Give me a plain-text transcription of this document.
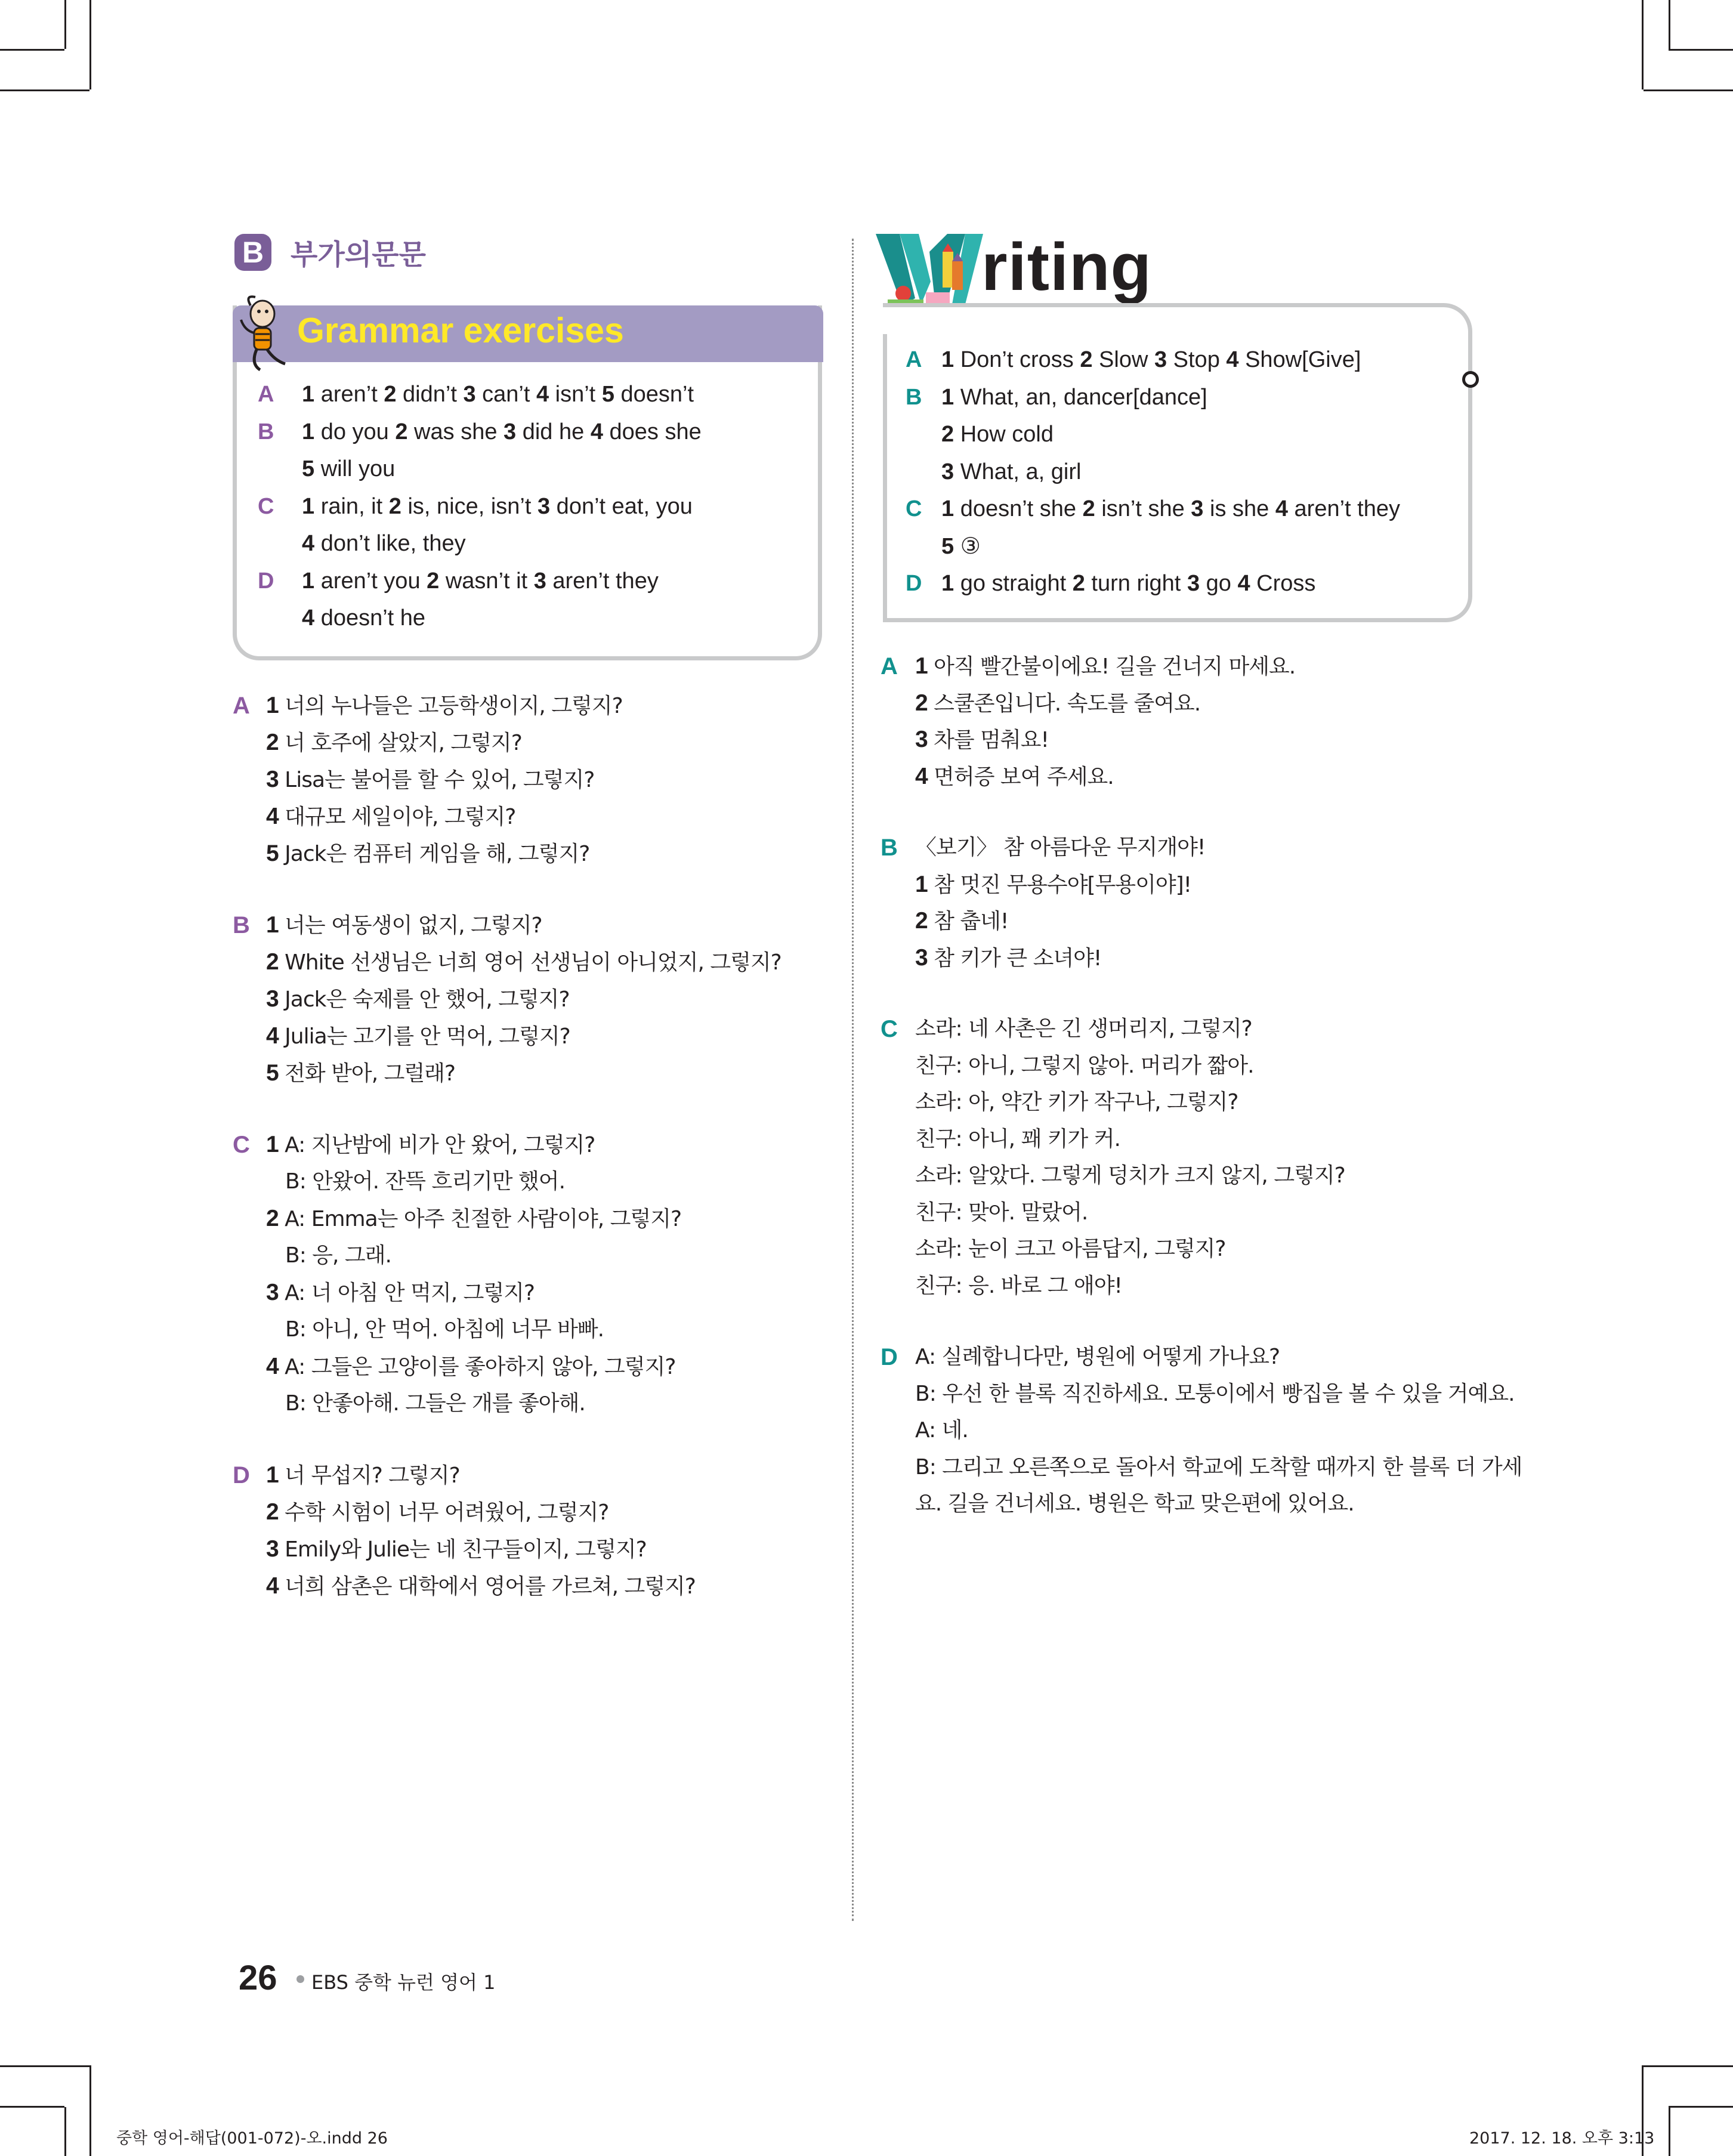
B 부가의문문
Grammar exercises
A 1 aren’t 2 didn’t 3 can’t 4 isn’t 5 doesn’t
B 1 do you 2 was she 3 did he 4 does she
5 will you
C 1 rain, it 2 is, nice, isn’t 3 don’t eat, you
4 don’t like, they
D 1 aren’t you 2 wasn’t it 3 aren’t they
4 doesn’t he
A 1 너의 누나들은 고등학생이지, 그렇지?
2 너 호주에 살았지, 그렇지?
3 Lisa는 불어를 할 수 있어, 그렇지?
4 대규모 세일이야, 그렇지?
5 Jack은 컴퓨터 게임을 해, 그렇지?
B 1 너는 여동생이 없지, 그렇지?
2 White 선생님은 너희 영어 선생님이 아니었지, 그렇지?
3 Jack은 숙제를 안 했어, 그렇지?
4 Julia는 고기를 안 먹어, 그렇지?
5 전화 받아, 그럴래?
C 1 A: 지난밤에 비가 안 왔어, 그렇지?
B: 안왔어. 잔뜩 흐리기만 했어.
2 A: Emma는 아주 친절한 사람이야, 그렇지?
B: 응, 그래.
3 A: 너 아침 안 먹지, 그렇지?
B: 아니, 안 먹어. 아침에 너무 바빠.
4 A: 그들은 고양이를 좋아하지 않아, 그렇지?
B: 안좋아해. 그들은 개를 좋아해.
D 1 너 무섭지? 그렇지?
2 수학 시험이 너무 어려웠어, 그렇지?
3 Emily와 Julie는 네 친구들이지, 그렇지?
4 너희 삼촌은 대학에서 영어를 가르쳐, 그렇지?
riting
A 1 Don’t cross 2 Slow 3 Stop 4 Show[Give]
B 1 What, an, dancer[dance]
2 How cold
3 What, a, girl
C 1 doesn’t she 2 isn’t she 3 is she 4 aren’t they
5 ③
D 1 go straight 2 turn right 3 go 4 Cross
A 1 아직 빨간불이에요! 길을 건너지 마세요.
2 스쿨존입니다. 속도를 줄여요.
3 차를 멈춰요!
4 면허증 보여 주세요.
B 〈보기〉 참 아름다운 무지개야!
1 참 멋진 무용수야[무용이야]!
2 참 춥네!
3 참 키가 큰 소녀야!
C 소라: 네 사촌은 긴 생머리지, 그렇지?
친구: 아니, 그렇지 않아. 머리가 짧아.
소라: 아, 약간 키가 작구나, 그렇지?
친구: 아니, 꽤 키가 커.
소라: 알았다. 그렇게 덩치가 크지 않지, 그렇지?
친구: 맞아. 말랐어.
소라: 눈이 크고 아름답지, 그렇지?
친구: 응. 바로 그 애야!
D A: 실례합니다만, 병원에 어떻게 가나요?
B: 우선 한 블록 직진하세요. 모퉁이에서 빵집을 볼 수 있을 거예요.
A: 네.
B: 그리고 오른쪽으로 돌아서 학교에 도착할 때까지 한 블록 더 가세
요. 길을 건너세요. 병원은 학교 맞은편에 있어요.
26 EBS 중학 뉴런 영어 1
중학 영어-해답(001-072)-오.indd 26	2017. 12. 18. 오후 3:13
